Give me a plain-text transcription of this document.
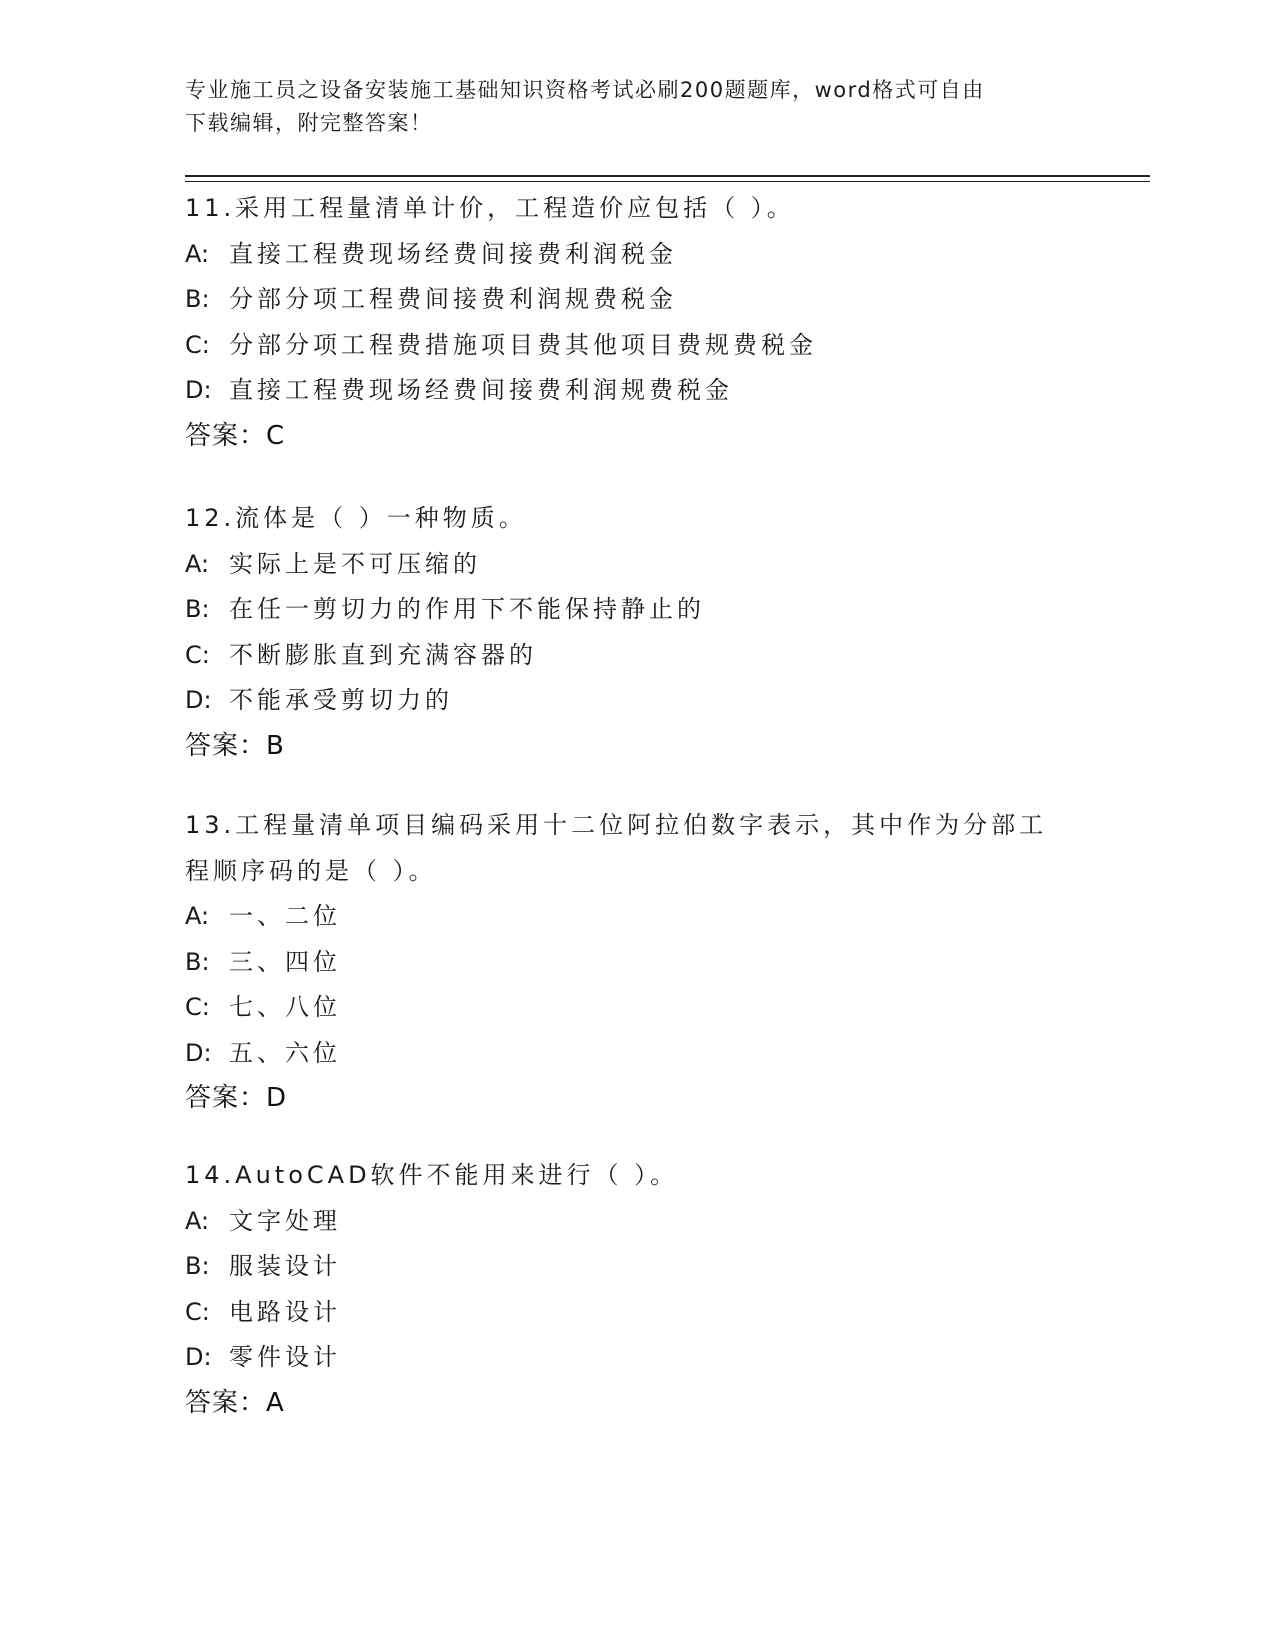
专业施工员之设备安装施工基础知识资格考试必刷200题题库，word格式可自由
下载编辑，附完整答案！
11.采用工程量清单计价，工程造价应包括（ ）。
A: 直接工程费现场经费间接费利润税金
B: 分部分项工程费间接费利润规费税金
C: 分部分项工程费措施项目费其他项目费规费税金
D: 直接工程费现场经费间接费利润规费税金
答案：C
12.流体是（ ）一种物质。
A: 实际上是不可压缩的
B: 在任一剪切力的作用下不能保持静止的
C: 不断膨胀直到充满容器的
D: 不能承受剪切力的
答案：B
13.工程量清单项目编码采用十二位阿拉伯数字表示，其中作为分部工
程顺序码的是（ ）。
A: 一、二位
B: 三、四位
C: 七、八位
D: 五、六位
答案：D
14.AutoCAD软件不能用来进行（ ）。
A: 文字处理
B: 服装设计
C: 电路设计
D: 零件设计
答案：A
